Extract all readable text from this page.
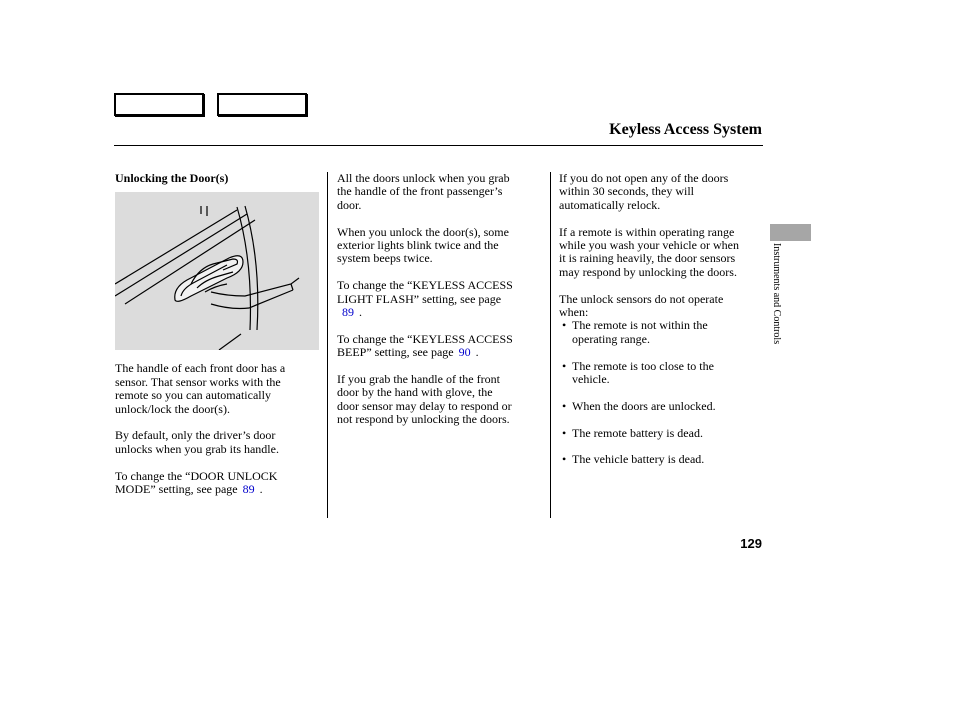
Keyless Access System
Instruments and Controls
129
Unlocking the Door(s)

The handle of each front door has a
sensor. That sensor works with the
remote so you can automatically
unlock/lock the door(s).

By default, only the driver’s door
unlocks when you grab its handle.

To change the “DOOR UNLOCK
MODE” setting, see page 89 .

All the doors unlock when you grab
the handle of the front passenger’s
door.

When you unlock the door(s), some
exterior lights blink twice and the
system beeps twice.

To change the “KEYLESS ACCESS
LIGHT FLASH” setting, see page
89 .

To change the “KEYLESS ACCESS
BEEP” setting, see page 90 .

If you grab the handle of the front
door by the hand with glove, the
door sensor may delay to respond or
not respond by unlocking the doors.

If you do not open any of the doors
within 30 seconds, they will
automatically relock.

If a remote is within operating range
while you wash your vehicle or when
it is raining heavily, the door sensors
may respond by unlocking the doors.

The unlock sensors do not operate
when:

• The remote is not within the
operating range.
• The remote is too close to the
vehicle.
• When the doors are unlocked.
• The remote battery is dead.
• The vehicle battery is dead.
